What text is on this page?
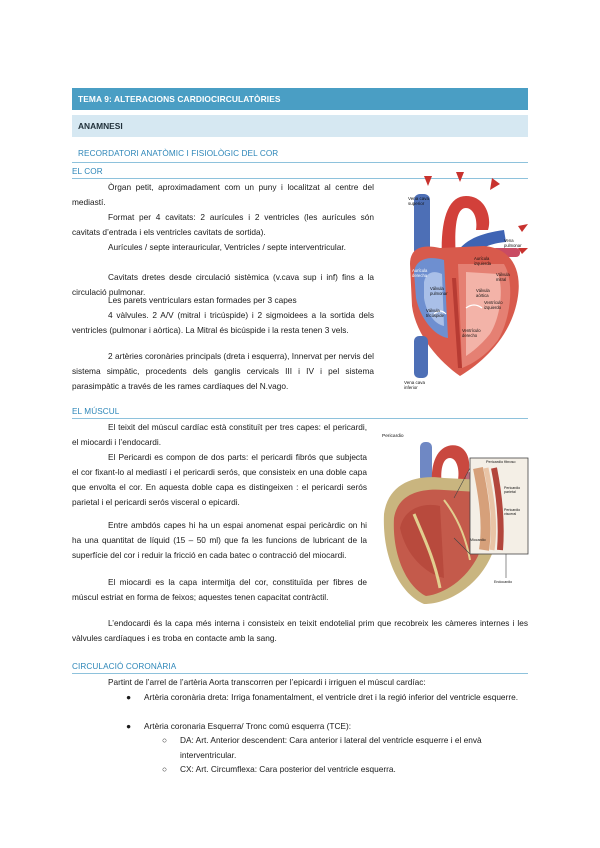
TEMA 9: ALTERACIONS CARDIOCIRCULATÒRIES
ANAMNESI
RECORDATORI ANATÒMIC I FISIOLÒGIC DEL COR
EL COR
Òrgan petit, aproximadament com un puny i localitzat al centre del mediastí.
Format per 4 cavitats: 2 aurícules i 2 ventricles (les aurícules són cavitats d’entrada i els ventricles cavitats de sortida).
Aurícules / septe interauricular, Ventricles / septe interventricular.
Cavitats dretes desde circulació sistèmica (v.cava sup i inf) fins a la circulació pulmonar.
Les parets ventriculars estan formades per 3 capes
4 vàlvules. 2 A/V (mitral i tricúspide) i 2 sigmoidees a la sortida dels ventricles (pulmonar i aòrtica). La Mitral és bicúspide i la resta tenen 3 vels.
2 artèries coronàries principals (dreta i esquerra), Innervat per nervis del sistema simpàtic, procedents dels ganglis cervicals III i IV i pel sistema parasimpàtic a través de les rames cardíaques del N.vago.
Vena cava superior
Aorta
Arteria pulmonar
Vena pulmonar
Aurícula derecha
Aurícula izquierda
Válvula mitral
Válvula pulmonar
Válvula aórtica
Ventrículo izquierdo
Válvula tricúspide
Ventrículo derecho
Vena cava inferior
EL MÚSCUL
El teixit del múscul cardíac està constituït per tres capes: el pericardi, el miocardi i l’endocardi.
El Pericardi es compon de dos parts: el pericardi fibrós que subjecta el cor fixant-lo al mediastí i el pericardi serós, que consisteix en una doble capa que envolta el cor. En aquesta doble capa es distingeixen : el pericardi serós parietal i el pericardi serós visceral o epicardi.
Entre ambdós capes hi ha un espai anomenat espai pericàrdic on hi ha una quantitat de líquid (15 – 50 ml) que fa les funcions de lubricant de la superfície del cor i reduir la fricció en cada batec o contracció del miocardi.
El miocardi es la capa intermitja del cor, constituïda per fibres de múscul estriat en forma de feixos; aquestes tenen capacitat contràctil.
L’endocardi és la capa més interna i consisteix en teixit endotelial prim que recobreix les càmeres internes i les vàlvules cardíaques i es troba en contacte amb la sang.
Pericardio
Pericardio fibroso
Pericardio parietal
Pericardio visceral
Miocardio
Endocardio
CIRCULACIÓ CORONÀRIA
Partint de l’arrel de l’artèria Aorta transcorren per l’epicardi i irriguen el múscul cardíac:
● Artèria coronària dreta: Irriga fonamentalment, el ventricle dret i la regió inferior del ventricle esquerre.
● Artèria coronaria Esquerra/ Tronc comú esquerra (TCE):
○ DA: Art. Anterior descendent: Cara anterior i lateral del ventricle esquerre i el envà interventricular.
○ CX: Art. Circumflexa: Cara posterior del ventricle esquerra.
